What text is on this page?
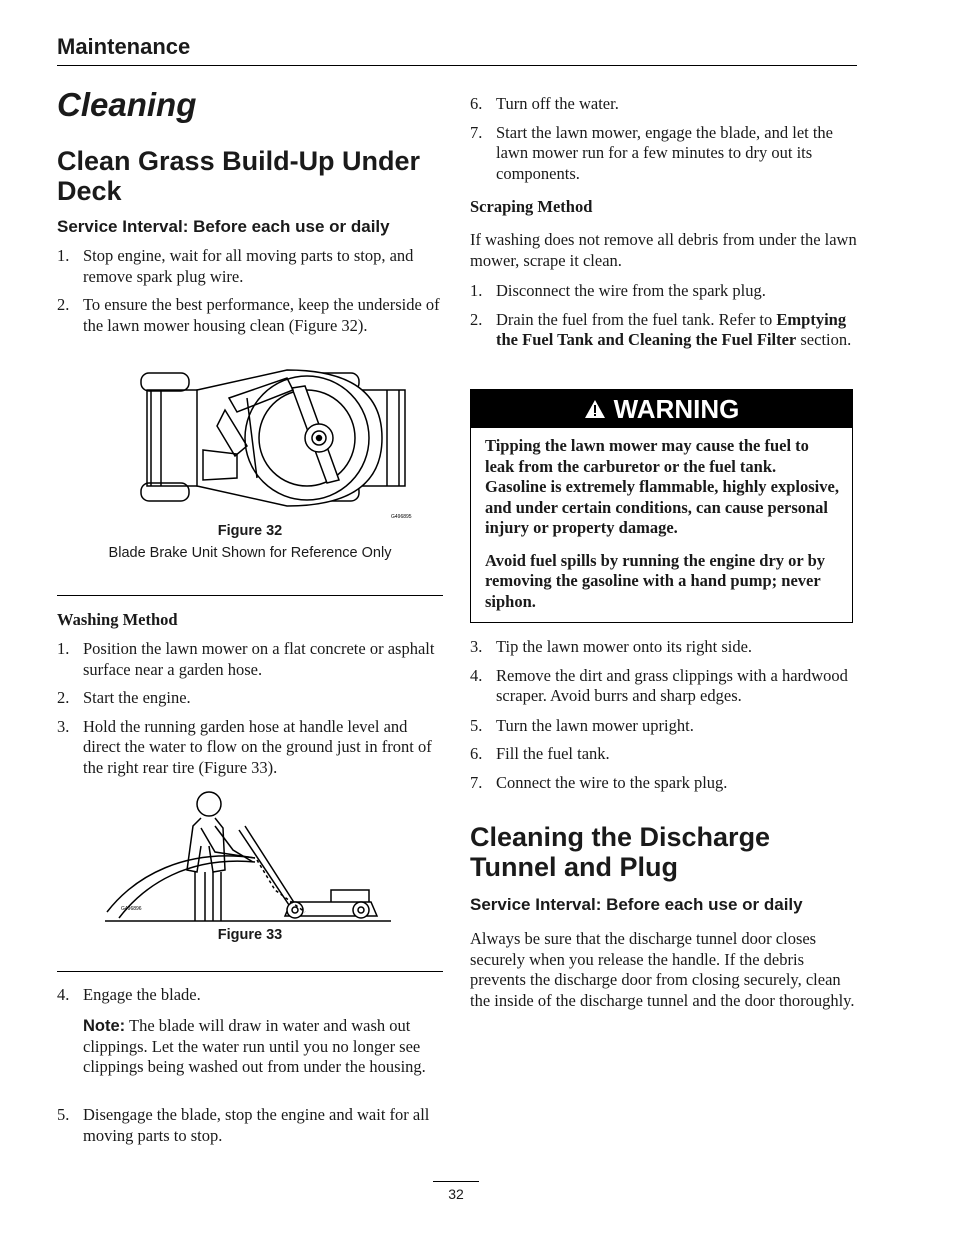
Maintenance
Cleaning
Clean Grass Build-Up Under Deck
Service Interval: Before each use or daily
1. Stop engine, wait for all moving parts to stop, and remove spark plug wire.
2. To ensure the best performance, keep the underside of the lawn mower housing clean (Figure 32).
G496895
Figure 32
Blade Brake Unit Shown for Reference Only
Washing Method
1. Position the lawn mower on a flat concrete or asphalt surface near a garden hose.
2. Start the engine.
3. Hold the running garden hose at handle level and direct the water to flow on the ground just in front of the right rear tire (Figure 33).
G496896
Figure 33
4. Engage the blade.
Note: The blade will draw in water and wash out clippings. Let the water run until you no longer see clippings being washed out from under the housing.
5. Disengage the blade, stop the engine and wait for all moving parts to stop.
6. Turn off the water.
7. Start the lawn mower, engage the blade, and let the lawn mower run for a few minutes to dry out its components.
Scraping Method
If washing does not remove all debris from under the lawn mower, scrape it clean.
1. Disconnect the wire from the spark plug.
2. Drain the fuel from the fuel tank. Refer to Emptying the Fuel Tank and Cleaning the Fuel Filter section.
WARNING

Tipping the lawn mower may cause the fuel to leak from the carburetor or the fuel tank. Gasoline is extremely flammable, highly explosive, and under certain conditions, can cause personal injury or property damage.

Avoid fuel spills by running the engine dry or by removing the gasoline with a hand pump; never siphon.

3. Tip the lawn mower onto its right side.
4. Remove the dirt and grass clippings with a hardwood scraper. Avoid burrs and sharp edges.
5. Turn the lawn mower upright.
6. Fill the fuel tank.
7. Connect the wire to the spark plug.
Cleaning the Discharge Tunnel and Plug
Service Interval: Before each use or daily
Always be sure that the discharge tunnel door closes securely when you release the handle. If the debris prevents the discharge door from closing securely, clean the inside of the discharge tunnel and the door thoroughly.
32
